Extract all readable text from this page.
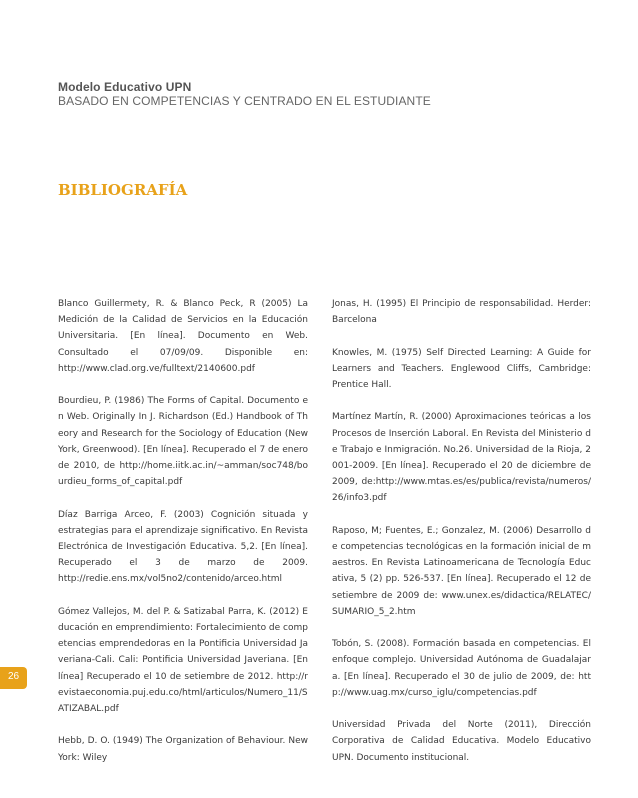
Modelo Educativo UPN
BASADO EN COMPETENCIAS Y CENTRADO EN EL ESTUDIANTE
BIBLIOGRAFÍA

Blanco Guillermety, R. & Blanco Peck, R (2005) La Medición de la Calidad de Servicios en la Educación Universitaria. [En línea]. Documento en Web. Consultado el 07/09/09. Disponible en: http://www.clad.org.ve/fulltext/2140600.pdf

Bourdieu, P. (1986) The Forms of Capital. Documento en Web. Originally In J. Richardson (Ed.) Handbook of Theory and Research for the Sociology of Education (New York, Greenwood). [En línea]. Recuperado el 7 de enero de 2010, de http://home.iitk.ac.in/~amman/soc748/bourdieu_forms_of_capital.pdf

Díaz Barriga Arceo, F. (2003) Cognición situada y estrategias para el aprendizaje significativo. En Revista Electrónica de Investigación Educativa. 5,2. [En línea]. Recuperado el 3 de marzo de 2009. http://redie.ens.mx/vol5no2/contenido/arceo.html

Gómez Vallejos, M. del P. & Satizabal Parra, K. (2012) Educación en emprendimiento: Fortalecimiento de competencias emprendedoras en la Pontificia Universidad Javeriana-Cali. Cali: Pontificia Universidad Javeriana. [En línea] Recuperado el 10 de setiembre de 2012. http://revistaeconomia.puj.edu.co/html/articulos/Numero_11/SATIZABAL.pdf

Hebb, D. O. (1949) The Organization of Behaviour. New York: Wiley

Jonas, H. (1995) El Principio de responsabilidad. Herder: Barcelona

Knowles, M. (1975) Self Directed Learning: A Guide for Learners and Teachers. Englewood Cliffs, Cambridge: Prentice Hall.

Martínez Martín, R. (2000) Aproximaciones teóricas a los Procesos de Inserción Laboral. En Revista del Ministerio de Trabajo e Inmigración. No.26. Universidad de la Rioja, 2001-2009. [En línea]. Recuperado el 20 de diciembre de 2009, de:http://www.mtas.es/es/publica/revista/numeros/26/info3.pdf

Raposo, M; Fuentes, E.; Gonzalez, M. (2006) Desarrollo de competencias tecnológicas en la formación inicial de maestros. En Revista Latinoamericana de Tecnología Educativa, 5 (2) pp. 526-537. [En línea]. Recuperado el 12 de setiembre de 2009 de: www.unex.es/didactica/RELATEC/SUMARIO_5_2.htm

Tobón, S. (2008). Formación basada en competencias. El enfoque complejo. Universidad Autónoma de Guadalajara. [En línea]. Recuperado el 30 de julio de 2009, de: http://www.uag.mx/curso_iglu/competencias.pdf

Universidad Privada del Norte (2011), Dirección Corporativa de Calidad Educativa. Modelo Educativo UPN. Documento institucional.

26
